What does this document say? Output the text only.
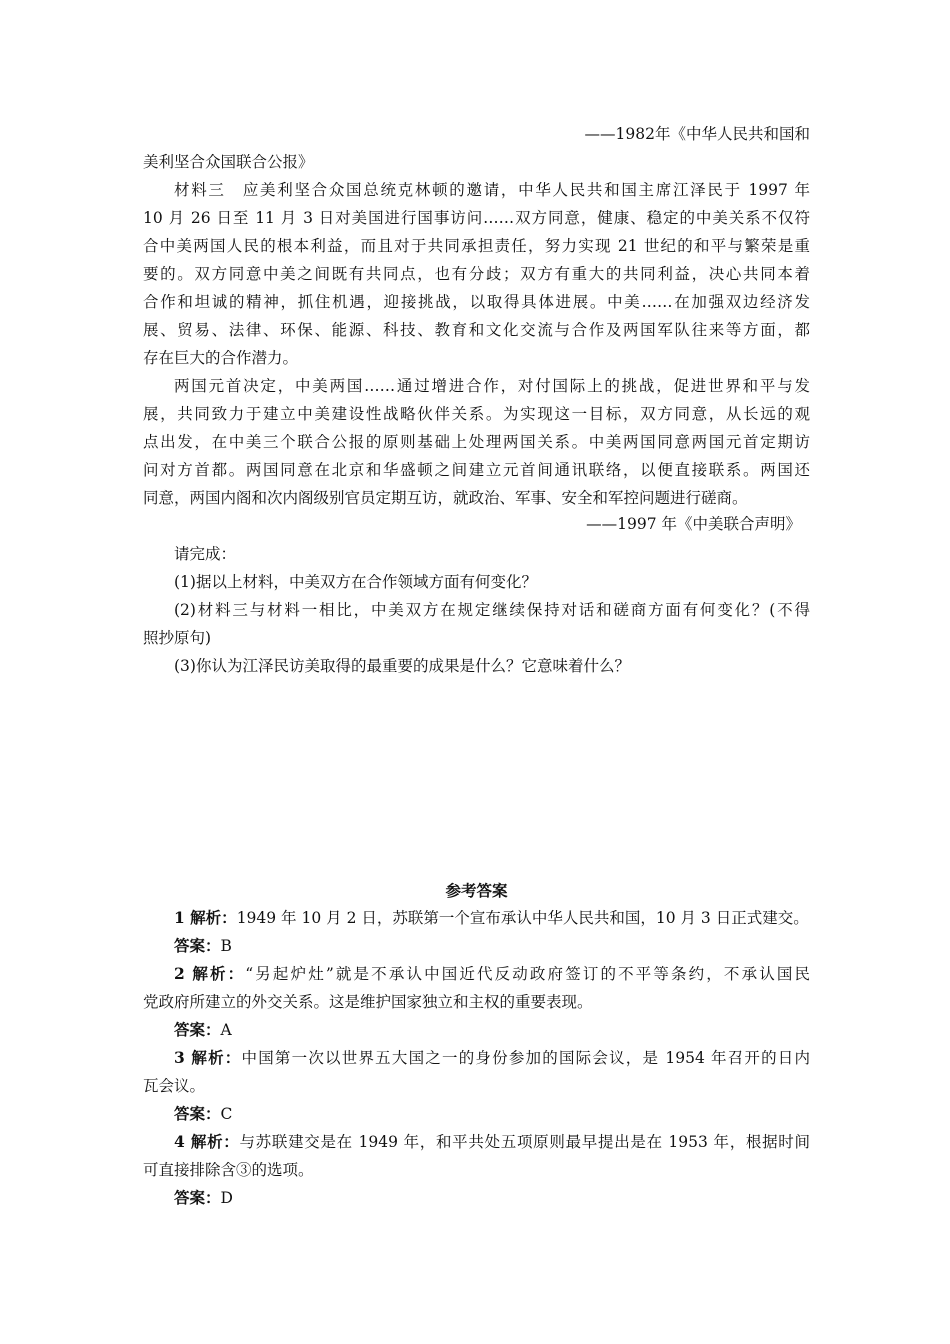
——1982年《中华人民共和国和
美利坚合众国联合公报》
材料三　应美利坚合众国总统克林顿的邀请，中华人民共和国主席江泽民于 1997 年
10 月 26 日至 11 月 3 日对美国进行国事访问……双方同意，健康、稳定的中美关系不仅符
合中美两国人民的根本利益，而且对于共同承担责任，努力实现 21 世纪的和平与繁荣是重
要的。双方同意中美之间既有共同点，也有分歧；双方有重大的共同利益，决心共同本着
合作和坦诚的精神，抓住机遇，迎接挑战，以取得具体进展。中美……在加强双边经济发
展、贸易、法律、环保、能源、科技、教育和文化交流与合作及两国军队往来等方面，都
存在巨大的合作潜力。
两国元首决定，中美两国……通过增进合作，对付国际上的挑战，促进世界和平与发
展，共同致力于建立中美建设性战略伙伴关系。为实现这一目标，双方同意，从长远的观
点出发，在中美三个联合公报的原则基础上处理两国关系。中美两国同意两国元首定期访
问对方首都。两国同意在北京和华盛顿之间建立元首间通讯联络，以便直接联系。两国还
同意，两国内阁和次内阁级别官员定期互访，就政治、军事、安全和军控问题进行磋商。
——1997 年《中美联合声明》
请完成：
(1)据以上材料，中美双方在合作领域方面有何变化？
(2)材料三与材料一相比，中美双方在规定继续保持对话和磋商方面有何变化？(不得
照抄原句)
(3)你认为江泽民访美取得的最重要的成果是什么？它意味着什么？
参考答案
1 解析：1949 年 10 月 2 日，苏联第一个宣布承认中华人民共和国，10 月 3 日正式建交。
答案：B
2 解析：“另起炉灶”就是不承认中国近代反动政府签订的不平等条约，不承认国民
党政府所建立的外交关系。这是维护国家独立和主权的重要表现。
答案：A
3 解析：中国第一次以世界五大国之一的身份参加的国际会议，是 1954 年召开的日内
瓦会议。
答案：C
4 解析：与苏联建交是在 1949 年，和平共处五项原则最早提出是在 1953 年，根据时间
可直接排除含③的选项。
答案：D
